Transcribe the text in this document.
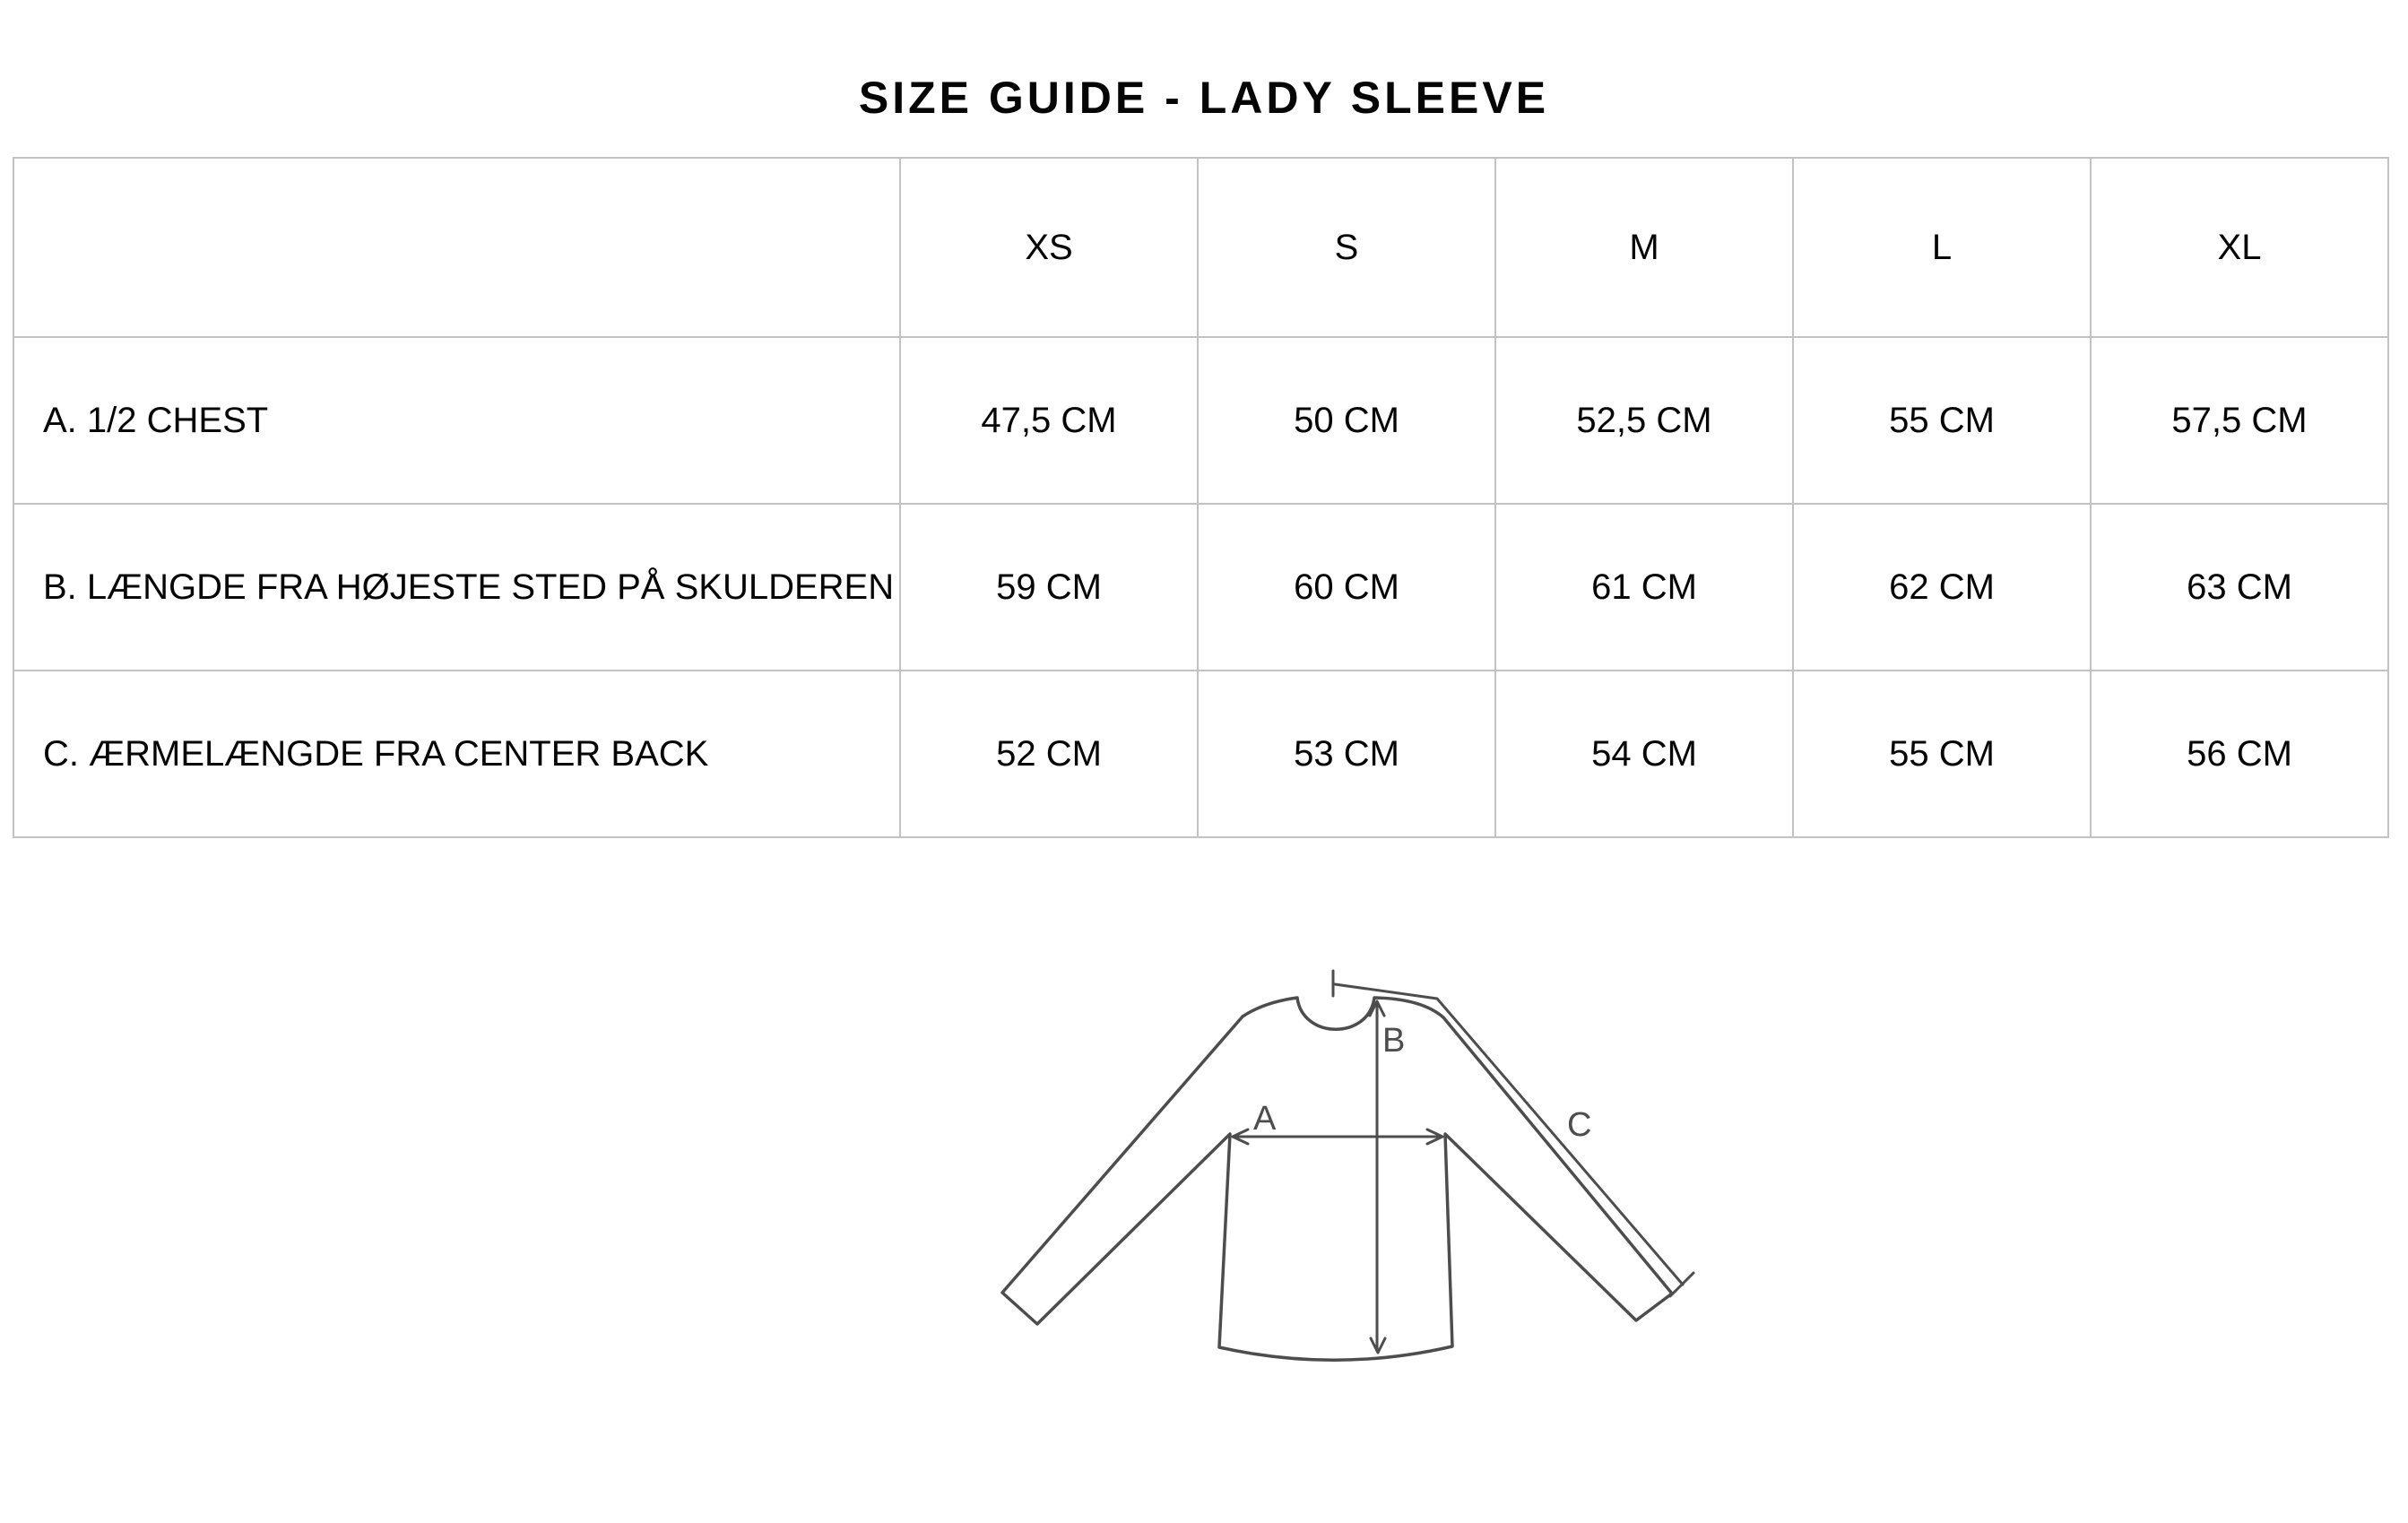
SIZE GUIDE - LADY SLEEVE
	XS	S	M	L	XL
A. 1/2 CHEST	47,5 CM	50 CM	52,5 CM	55 CM	57,5 CM
B. LÆNGDE FRA HØJESTE STED PÅ SKULDEREN	59 CM	60 CM	61 CM	62 CM	63 CM
C. ÆRMELÆNGDE FRA CENTER BACK	52 CM	53 CM	54 CM	55 CM	56 CM
A
B
C
